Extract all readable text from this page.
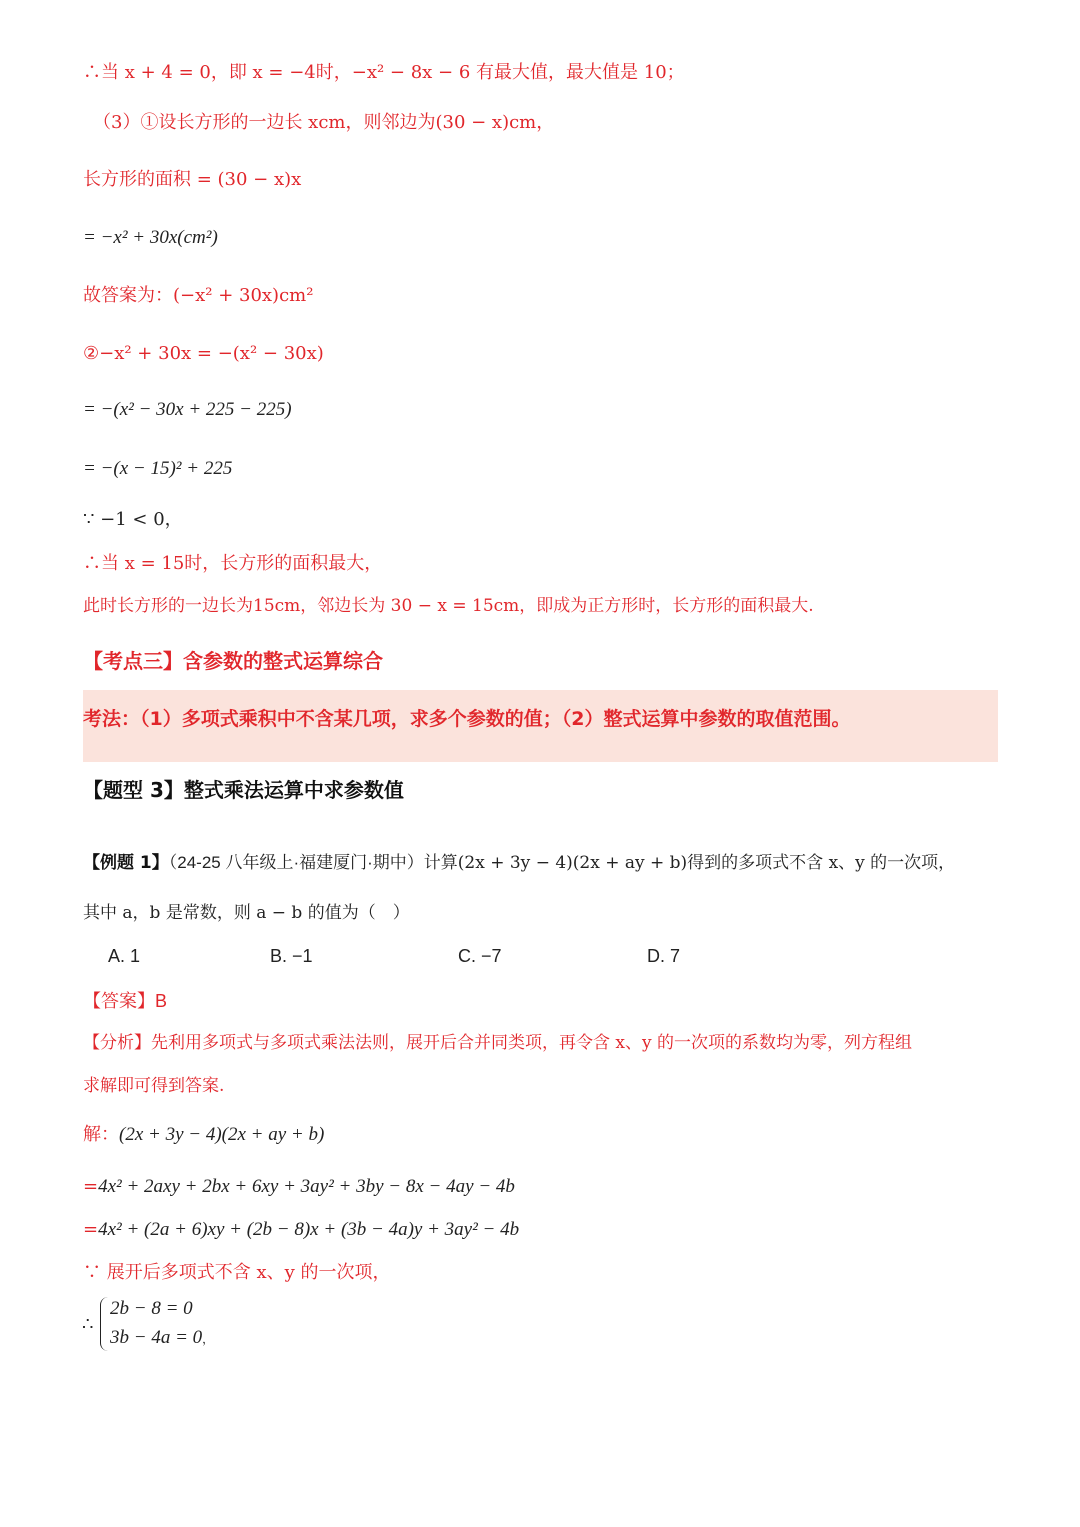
∴当 x + 4 = 0，即 x = −4时，−x² − 8x − 6 有最大值，最大值是 10；
（3）①设长方形的一边长 xcm，则邻边为(30 − x)cm，
长方形的面积 = (30 − x)x
= −x² + 30x(cm²)
故答案为：(−x² + 30x)cm²
②−x² + 30x = −(x² − 30x)
= −(x² − 30x + 225 − 225)
= −(x − 15)² + 225
∵ −1 < 0，
∴当 x = 15时，长方形的面积最大，
此时长方形的一边长为15cm，邻边长为 30 − x = 15cm，即成为正方形时，长方形的面积最大.
【考点三】含参数的整式运算综合
考法：（1）多项式乘积中不含某几项，求多个参数的值；（2）整式运算中参数的取值范围。
【题型 3】整式乘法运算中求参数值
【例题 1】（24-25 八年级上·福建厦门·期中）计算(2x + 3y − 4)(2x + ay + b)得到的多项式不含 x、y 的一次项，
其中 a，b 是常数，则 a − b 的值为（　）
A. 1	B. −1	C. −7	D. 7
【答案】B
【分析】先利用多项式与多项式乘法法则，展开后合并同类项，再令含 x、y 的一次项的系数均为零，列方程组
求解即可得到答案.
解：(2x + 3y − 4)(2x + ay + b)
=4x² + 2axy + 2bx + 6xy + 3ay² + 3by − 8x − 4ay − 4b
=4x² + (2a + 6)xy + (2b − 8)x + (3b − 4a)y + 3ay² − 4b
∵ 展开后多项式不含 x、y 的一次项，
∴
2b − 8 = 0
3b − 4a = 0，
